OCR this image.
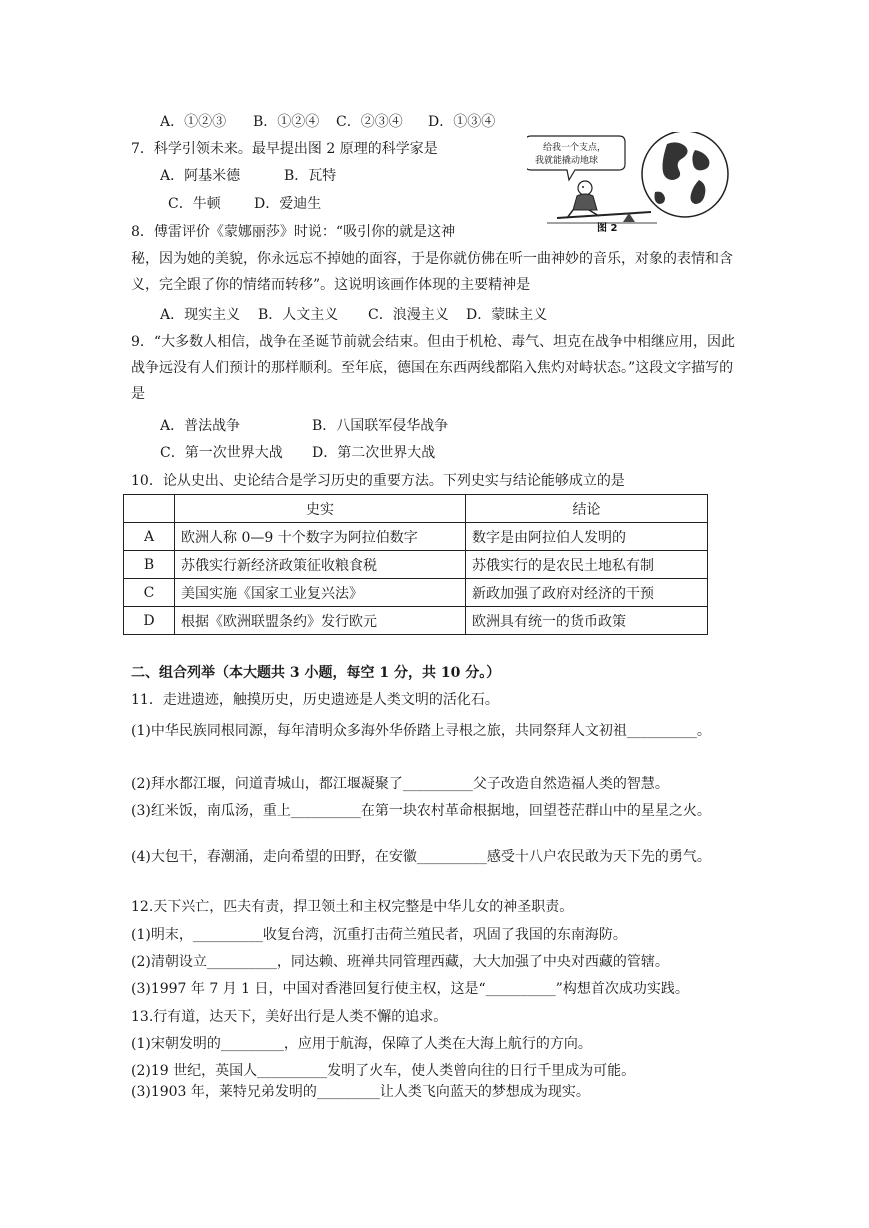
A．①②③ B．①②④ C．②③④ D．①③④
7．科学引领未来。最早提出图 2 原理的科学家是
A．阿基米德	B．瓦特
C．牛顿 D．爱迪生
给我一个支点，
我就能撬动地球
图 2
8．傅雷评价《蒙娜丽莎》时说：“吸引你的就是这神
秘，因为她的美貌，你永远忘不掉她的面容，于是你就仿佛在听一曲神妙的音乐，对象的表情和含义，完全跟了你的情绪而转移”。这说明该画作体现的主要精神是
A．现实主义 B．人文主义 C．浪漫主义 D．蒙昧主义
9．“大多数人相信，战争在圣诞节前就会结束。但由于机枪、毒气、坦克在战争中相继应用，因此战争远没有人们预计的那样顺利。至年底，德国在东西两线都陷入焦灼对峙状态。”这段文字描写的是
A．普法战争	B．八国联军侵华战争
C．第一次世界大战 D．第二次世界大战
10．论从史出、史论结合是学习历史的重要方法。下列史实与结论能够成立的是
	史实	结论
A	欧洲人称 0—9 十个数字为阿拉伯数字	数字是由阿拉伯人发明的
B	苏俄实行新经济政策征收粮食税	苏俄实行的是农民土地私有制
C	美国实施《国家工业复兴法》	新政加强了政府对经济的干预
D	根据《欧洲联盟条约》发行欧元	欧洲具有统一的货币政策
二、组合列举（本大题共 3 小题，每空 1 分，共 10 分。）
11．走进遗迹，触摸历史，历史遗迹是人类文明的活化石。
(1)中华民族同根同源，每年清明众多海外华侨踏上寻根之旅，共同祭拜人文初祖__________。
(2)拜水都江堰，问道青城山，都江堰凝聚了__________父子改造自然造福人类的智慧。
(3)红米饭，南瓜汤，重上__________在第一块农村革命根据地，回望苍茫群山中的星星之火。
(4)大包干，春潮涌，走向希望的田野，在安徽__________感受十八户农民敢为天下先的勇气。
12.天下兴亡，匹夫有责，捍卫领土和主权完整是中华儿女的神圣职责。
(1)明末，__________收复台湾，沉重打击荷兰殖民者，巩固了我国的东南海防。
(2)清朝设立__________，同达赖、班禅共同管理西藏，大大加强了中央对西藏的管辖。
(3)1997 年 7 月 1 日，中国对香港回复行使主权，这是“__________”构想首次成功实践。
13.行有道，达天下，美好出行是人类不懈的追求。
(1)宋朝发明的_________，应用于航海，保障了人类在大海上航行的方向。
(2)19 世纪，英国人__________发明了火车，使人类曾向往的日行千里成为可能。
(3)1903 年，莱特兄弟发明的_________让人类飞向蓝天的梦想成为现实。
